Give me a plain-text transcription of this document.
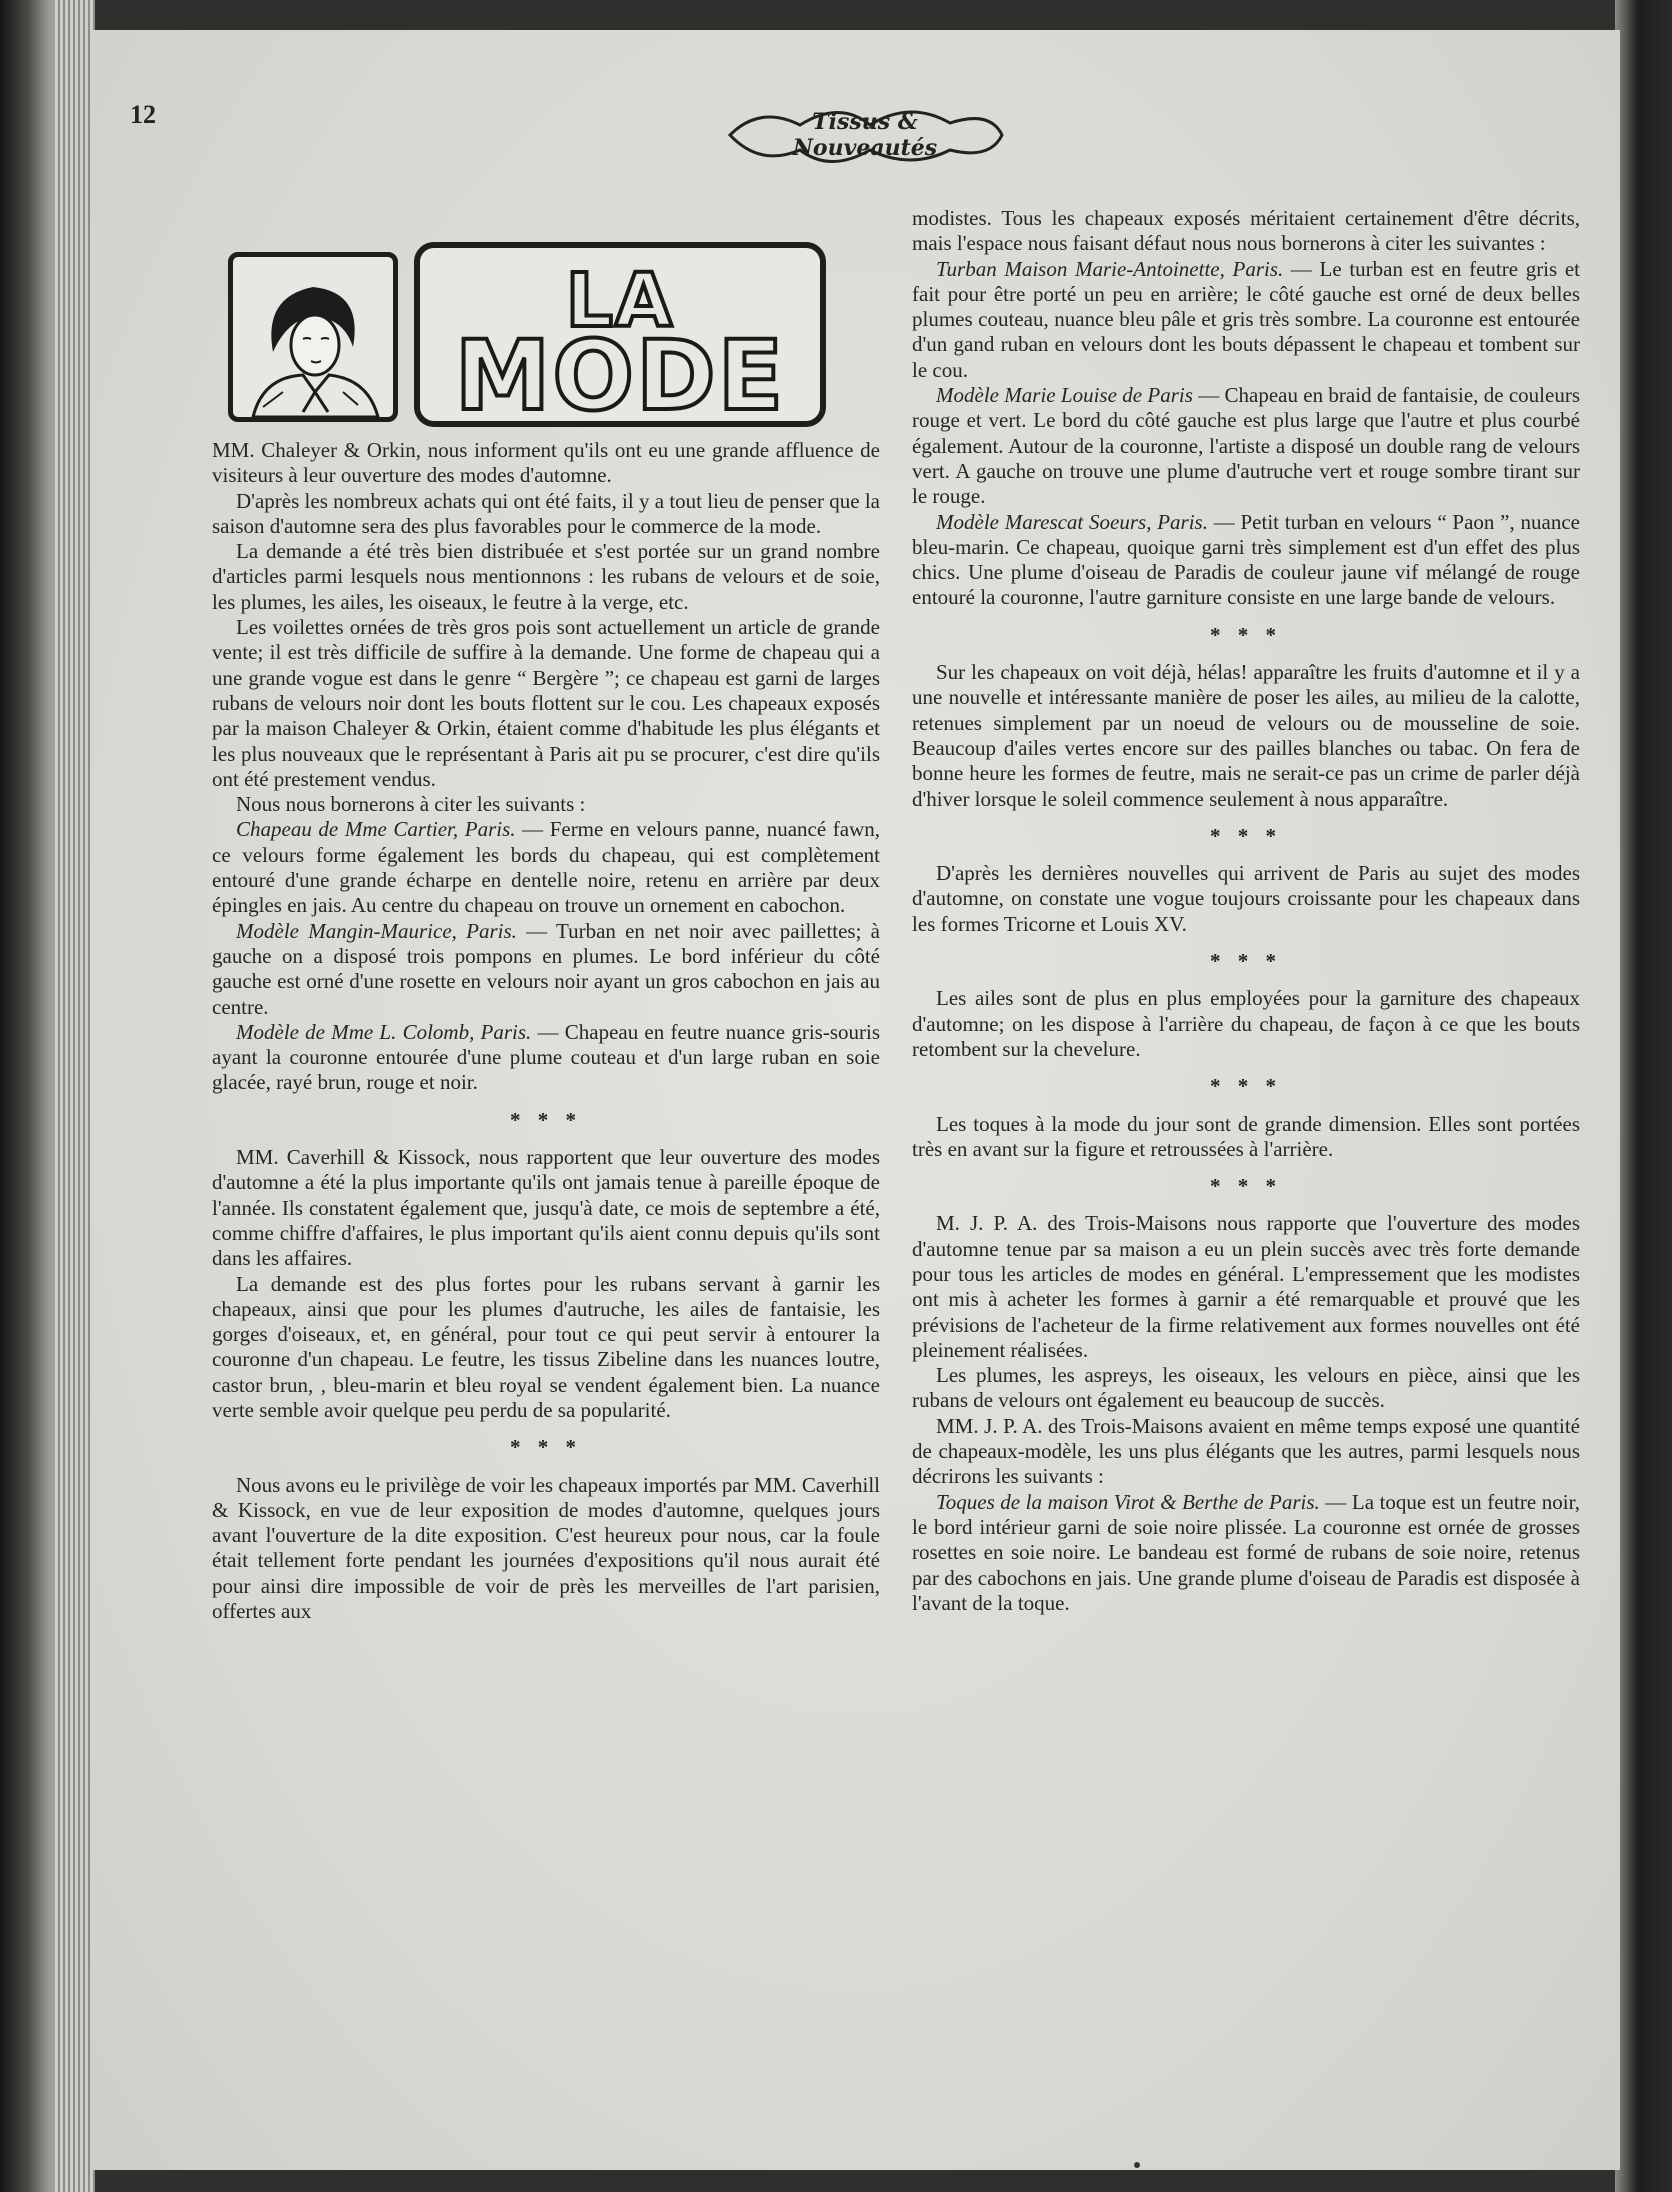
12	Tissus &
Nouveautés
LA
MODE

MM. Chaleyer & Orkin, nous informent qu'ils ont eu une grande affluence de visiteurs à leur ouverture des modes d'automne.

D'après les nombreux achats qui ont été faits, il y a tout lieu de penser que la saison d'automne sera des plus favorables pour le commerce de la mode.

La demande a été très bien distribuée et s'est portée sur un grand nombre d'articles parmi lesquels nous mentionnons : les rubans de velours et de soie, les plumes, les ailes, les oiseaux, le feutre à la verge, etc.

Les voilettes ornées de très gros pois sont actuellement un article de grande vente; il est très difficile de suffire à la demande. Une forme de chapeau qui a une grande vogue est dans le genre “ Bergère ”; ce chapeau est garni de larges rubans de velours noir dont les bouts flottent sur le cou. Les chapeaux exposés par la maison Chaleyer & Orkin, étaient comme d'habitude les plus élégants et les plus nouveaux que le représentant à Paris ait pu se procurer, c'est dire qu'ils ont été prestement vendus.

Nous nous bornerons à citer les suivants :

Chapeau de Mme Cartier, Paris. — Ferme en velours panne, nuancé fawn, ce velours forme également les bords du chapeau, qui est complètement entouré d'une grande écharpe en dentelle noire, retenu en arrière par deux épingles en jais. Au centre du chapeau on trouve un ornement en cabochon.

Modèle Mangin-Maurice, Paris. — Turban en net noir avec paillettes; à gauche on a disposé trois pompons en plumes. Le bord inférieur du côté gauche est orné d'une rosette en velours noir ayant un gros cabochon en jais au centre.

Modèle de Mme L. Colomb, Paris. — Chapeau en feutre nuance gris-souris ayant la couronne entourée d'une plume couteau et d'un large ruban en soie glacée, rayé brun, rouge et noir.

* * *

MM. Caverhill & Kissock, nous rapportent que leur ouverture des modes d'automne a été la plus importante qu'ils ont jamais tenue à pareille époque de l'année. Ils constatent également que, jusqu'à date, ce mois de septembre a été, comme chiffre d'affaires, le plus important qu'ils aient connu depuis qu'ils sont dans les affaires.

La demande est des plus fortes pour les rubans servant à garnir les chapeaux, ainsi que pour les plumes d'autruche, les ailes de fantaisie, les gorges d'oiseaux, et, en général, pour tout ce qui peut servir à entourer la couronne d'un chapeau. Le feutre, les tissus Zibeline dans les nuances loutre, castor brun, , bleu-marin et bleu royal se vendent également bien. La nuance verte semble avoir quelque peu perdu de sa popularité.

* * *

Nous avons eu le privilège de voir les chapeaux importés par MM. Caverhill & Kissock, en vue de leur exposition de modes d'automne, quelques jours avant l'ouverture de la dite exposition. C'est heureux pour nous, car la foule était tellement forte pendant les journées d'expositions qu'il nous aurait été pour ainsi dire impossible de voir de près les merveilles de l'art parisien, offertes aux

modistes. Tous les chapeaux exposés méritaient certainement d'être décrits, mais l'espace nous faisant défaut nous nous bornerons à citer les suivantes :

Turban Maison Marie-Antoinette, Paris. — Le turban est en feutre gris et fait pour être porté un peu en arrière; le côté gauche est orné de deux belles plumes couteau, nuance bleu pâle et gris très sombre. La couronne est entourée d'un gand ruban en velours dont les bouts dépassent le chapeau et tombent sur le cou.

Modèle Marie Louise de Paris — Chapeau en braid de fantaisie, de couleurs rouge et vert. Le bord du côté gauche est plus large que l'autre et plus courbé également. Autour de la couronne, l'artiste a disposé un double rang de velours vert. A gauche on trouve une plume d'autruche vert et rouge sombre tirant sur le rouge.

Modèle Marescat Soeurs, Paris. — Petit turban en velours “ Paon ”, nuance bleu-marin. Ce chapeau, quoique garni très simplement est d'un effet des plus chics. Une plume d'oiseau de Paradis de couleur jaune vif mélangé de rouge entouré la couronne, l'autre garniture consiste en une large bande de velours.

* * *

Sur les chapeaux on voit déjà, hélas! apparaître les fruits d'automne et il y a une nouvelle et intéressante manière de poser les ailes, au milieu de la calotte, retenues simplement par un noeud de velours ou de mousseline de soie. Beaucoup d'ailes vertes encore sur des pailles blanches ou tabac. On fera de bonne heure les formes de feutre, mais ne serait-ce pas un crime de parler déjà d'hiver lorsque le soleil commence seulement à nous apparaître.

* * *

D'après les dernières nouvelles qui arrivent de Paris au sujet des modes d'automne, on constate une vogue toujours croissante pour les chapeaux dans les formes Tricorne et Louis XV.

* * *

Les ailes sont de plus en plus employées pour la garniture des chapeaux d'automne; on les dispose à l'arrière du chapeau, de façon à ce que les bouts retombent sur la chevelure.

* * *

Les toques à la mode du jour sont de grande dimension. Elles sont portées très en avant sur la figure et retroussées à l'arrière.

* * *

M. J. P. A. des Trois-Maisons nous rapporte que l'ouverture des modes d'automne tenue par sa maison a eu un plein succès avec très forte demande pour tous les articles de modes en général. L'empressement que les modistes ont mis à acheter les formes à garnir a été remarquable et prouvé que les prévisions de l'acheteur de la firme relativement aux formes nouvelles ont été pleinement réalisées.

Les plumes, les aspreys, les oiseaux, les velours en pièce, ainsi que les rubans de velours ont également eu beaucoup de succès.

MM. J. P. A. des Trois-Maisons avaient en même temps exposé une quantité de chapeaux-modèle, les uns plus élégants que les autres, parmi lesquels nous décrirons les suivants :

Toques de la maison Virot & Berthe de Paris. — La toque est un feutre noir, le bord intérieur garni de soie noire plissée. La couronne est ornée de grosses rosettes en soie noire. Le bandeau est formé de rubans de soie noire, retenus par des cabochons en jais. Une grande plume d'oiseau de Paradis est disposée à l'avant de la toque.
